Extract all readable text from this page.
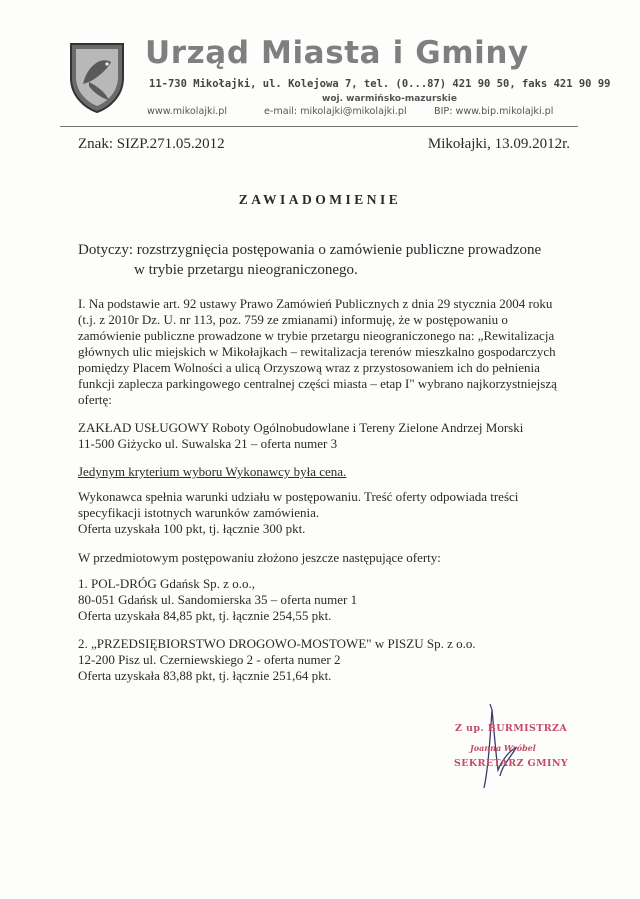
Urząd Miasta i Gminy
11-730 Mikołajki, ul. Kolejowa 7, tel. (0...87) 421 90 50, faks 421 90 99
woj. warmińsko-mazurskie
www.mikolajki.pl	e-mail: mikolajki@mikolajki.pl	BIP: www.bip.mikolajki.pl
Znak: SIZP.271.05.2012	Mikołajki, 13.09.2012r.
ZAWIADOMIENIE
Dotyczy: rozstrzygnięcia postępowania o zamówienie publiczne prowadzone
w trybie przetargu nieograniczonego.
I. Na podstawie art. 92 ustawy Prawo Zamówień Publicznych z dnia 29 stycznia 2004 roku
(t.j. z 2010r Dz. U. nr 113, poz. 759 ze zmianami) informuję, że w postępowaniu o
zamówienie publiczne prowadzone w trybie przetargu nieograniczonego na: „Rewitalizacja
głównych ulic miejskich w Mikołajkach – rewitalizacja terenów mieszkalno gospodarczych
pomiędzy Placem Wolności a ulicą Orzyszową wraz z przystosowaniem ich do pełnienia
funkcji zaplecza parkingowego centralnej części miasta – etap I" wybrano najkorzystniejszą
ofertę:
ZAKŁAD USŁUGOWY Roboty Ogólnobudowlane i Tereny Zielone Andrzej Morski
11-500 Giżycko ul. Suwalska 21 – oferta numer 3
Jedynym kryterium wyboru Wykonawcy była cena.
Wykonawca spełnia warunki udziału w postępowaniu. Treść oferty odpowiada treści
specyfikacji istotnych warunków zamówienia.
Oferta uzyskała 100 pkt, tj. łącznie 300 pkt.
W przedmiotowym postępowaniu złożono jeszcze następujące oferty:
1. POL-DRÓG Gdańsk Sp. z o.o.,
80-051 Gdańsk ul. Sandomierska 35 – oferta numer 1
Oferta uzyskała 84,85 pkt, tj. łącznie 254,55 pkt.
2. „PRZEDSIĘBIORSTWO DROGOWO-MOSTOWE" w PISZU Sp. z o.o.
12-200 Pisz ul. Czerniewskiego 2 - oferta numer 2
Oferta uzyskała 83,88 pkt, tj. łącznie 251,64 pkt.
Z up. BURMISTRZA
Joanna Wróbel
SEKRETARZ GMINY
